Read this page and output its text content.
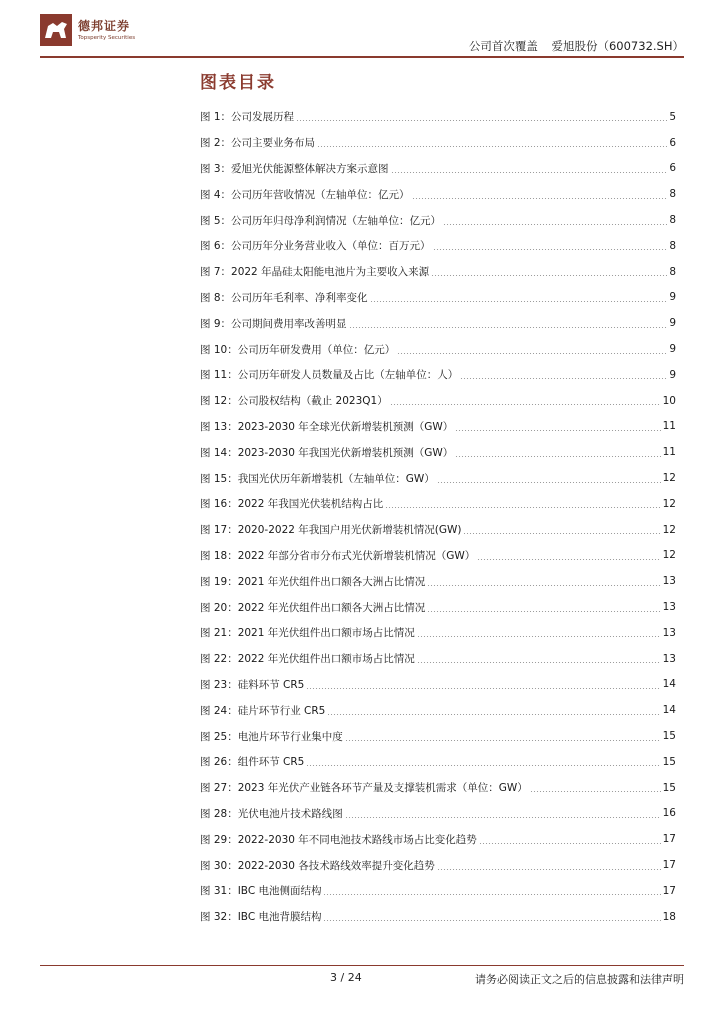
德邦证券
Topsperity Securities
公司首次覆盖 爱旭股份（600732.SH）
图表目录
图 1：公司发展历程	5
图 2：公司主要业务布局	6
图 3：爱旭光伏能源整体解决方案示意图	6
图 4：公司历年营收情况（左轴单位：亿元）	8
图 5：公司历年归母净利润情况（左轴单位：亿元）	8
图 6：公司历年分业务营业收入（单位：百万元）	8
图 7：2022 年晶硅太阳能电池片为主要收入来源	8
图 8：公司历年毛利率、净利率变化	9
图 9：公司期间费用率改善明显	9
图 10：公司历年研发费用（单位：亿元）	9
图 11：公司历年研发人员数量及占比（左轴单位：人）	9
图 12：公司股权结构（截止 2023Q1）	10
图 13：2023-2030 年全球光伏新增装机预测（GW）	11
图 14：2023-2030 年我国光伏新增装机预测（GW）	11
图 15：我国光伏历年新增装机（左轴单位：GW）	12
图 16：2022 年我国光伏装机结构占比	12
图 17：2020-2022 年我国户用光伏新增装机情况(GW)	12
图 18：2022 年部分省市分布式光伏新增装机情况（GW）	12
图 19：2021 年光伏组件出口额各大洲占比情况	13
图 20：2022 年光伏组件出口额各大洲占比情况	13
图 21：2021 年光伏组件出口额市场占比情况	13
图 22：2022 年光伏组件出口额市场占比情况	13
图 23：硅料环节 CR5	14
图 24：硅片环节行业 CR5	14
图 25：电池片环节行业集中度	15
图 26：组件环节 CR5	15
图 27：2023 年光伏产业链各环节产量及支撑装机需求（单位：GW）	15
图 28：光伏电池片技术路线图	16
图 29：2022-2030 年不同电池技术路线市场占比变化趋势	17
图 30：2022-2030 各技术路线效率提升变化趋势	17
图 31：IBC 电池侧面结构	17
图 32：IBC 电池背膜结构	18
3 / 24	请务必阅读正文之后的信息披露和法律声明
